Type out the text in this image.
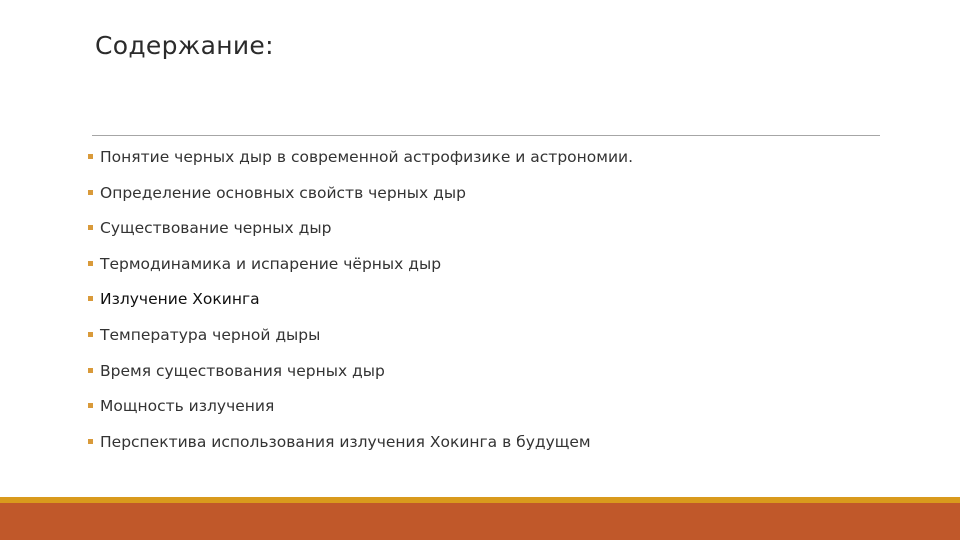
Содержание:
Понятие черных дыр в современной астрофизике и астрономии.
Определение основных свойств черных дыр
Существование черных дыр
Термодинамика и испарение чёрных дыр
Излучение Хокинга
Температура черной дыры
Время существования черных дыр
Мощность излучения
Перспектива использования излучения Хокинга в будущем
